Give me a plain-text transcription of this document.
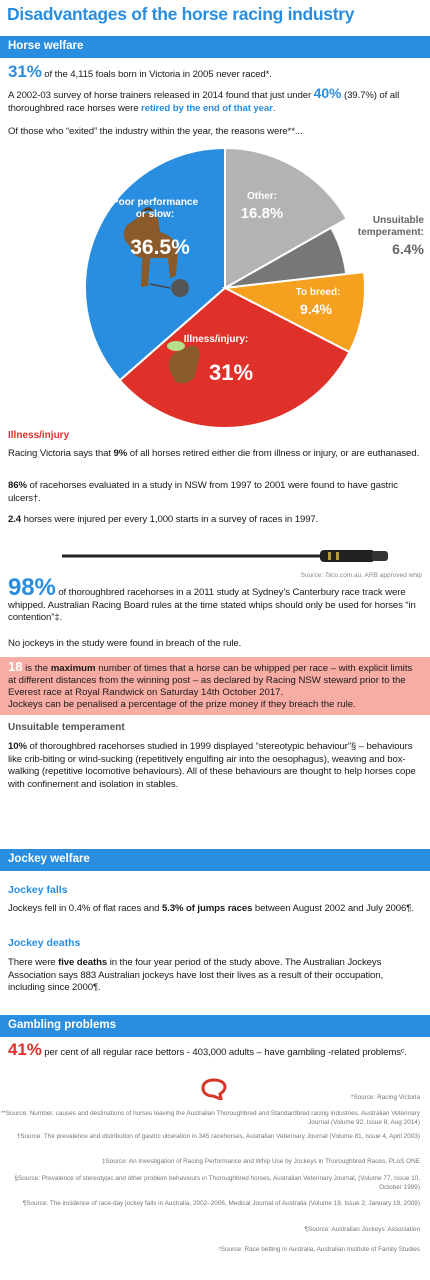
Disadvantages of the horse racing industry
Horse welfare
31% of the 4,115 foals born in Victoria in 2005 never raced*.
A 2002-03 survey of horse trainers released in 2014 found that just under 40% (39.7%) of all thoroughbred race horses were retired by the end of that year.
Of those who “exited” the industry within the year, the reasons were**...
Poor performance
or slow:
36.5%
Other:
16.8%	Unsuitable
temperament:
6.4%
To breed:
9.4%
Illness/injury:
31%
Illness/injury
Racing Victoria says that 9% of all horses retired either die from illness or injury, or are euthanased.
86% of racehorses evaluated in a study in NSW from 1997 to 2001 were found to have gastric ulcers†.
2.4 horses were injured per every 1,000 starts in a survey of races in 1997.
Source: 7lico.com.au, ARB approved whip
98% of thoroughbred racehorses in a 2011 study at Sydney’s Canterbury race track were whipped. Australian Racing Board rules at the time stated whips should only be used for horses “in contention”‡.
No jockeys in the study were found in breach of the rule.
18 is the maximum number of times that a horse can be whipped per race – with explicit limits at different distances from the winning post – as declared by Racing NSW steward prior to the Everest race at Royal Randwick on Saturday 14th October 2017.
Jockeys can be penalised a percentage of the prize money if they breach the rule.
Unsuitable temperament
10% of thoroughbred racehorses studied in 1999 displayed “stereotypic behaviour”§ – behaviours like crib-biting or wind-sucking (repetitively engulfing air into the oesophagus), weaving and box-walking (repetitive locomotive behaviours). All of these behaviours are thought to help horses cope with confinement and isolation in stables.
Jockey welfare
Jockey falls
Jockeys fell in 0.4% of flat races and 5.3% of jumps races between August 2002 and July 2006¶.
Jockey deaths
There were five deaths in the four year period of the study above. The Australian Jockeys Association says 883 Australian jockeys have lost their lives as a result of their occupation, including since 2000¶.
Gambling problems
41% per cent of all regular race bettors - 403,000 adults – have gambling -related problemsᶜ.
*Source: Racing Victoria
**Source: Number, causes and destinations of horses leaving the Australian Thoroughbred and Standardbred racing industries, Australian Veterinary Journal (Volume 92, Issue 8, Aug 2014)
†Source: The prevalence and distribution of gastric ulceration in 345 racehorses, Australian Veterinary Journal (Volume 81, Issue 4, April 2003)
‡Source: An Investigation of Racing Performance and Whip Use by Jockeys in Thoroughbred Races, PLoS ONE
§Source: Prevalence of stereotypic and other problem behaviours in Thoroughbred horses, Australian Veterinary Journal, (Volume 77, Issue 10, October 1999)
¶Source: The incidence of race-day jockey falls in Australia, 2002–2006, Medical Journal of Australia (Volume 19, Issue 2, January 19, 2009)
¶Source: Australian Jockeys' Association
ᶜSource: Race betting in Australia, Australian Institute of Family Studies
